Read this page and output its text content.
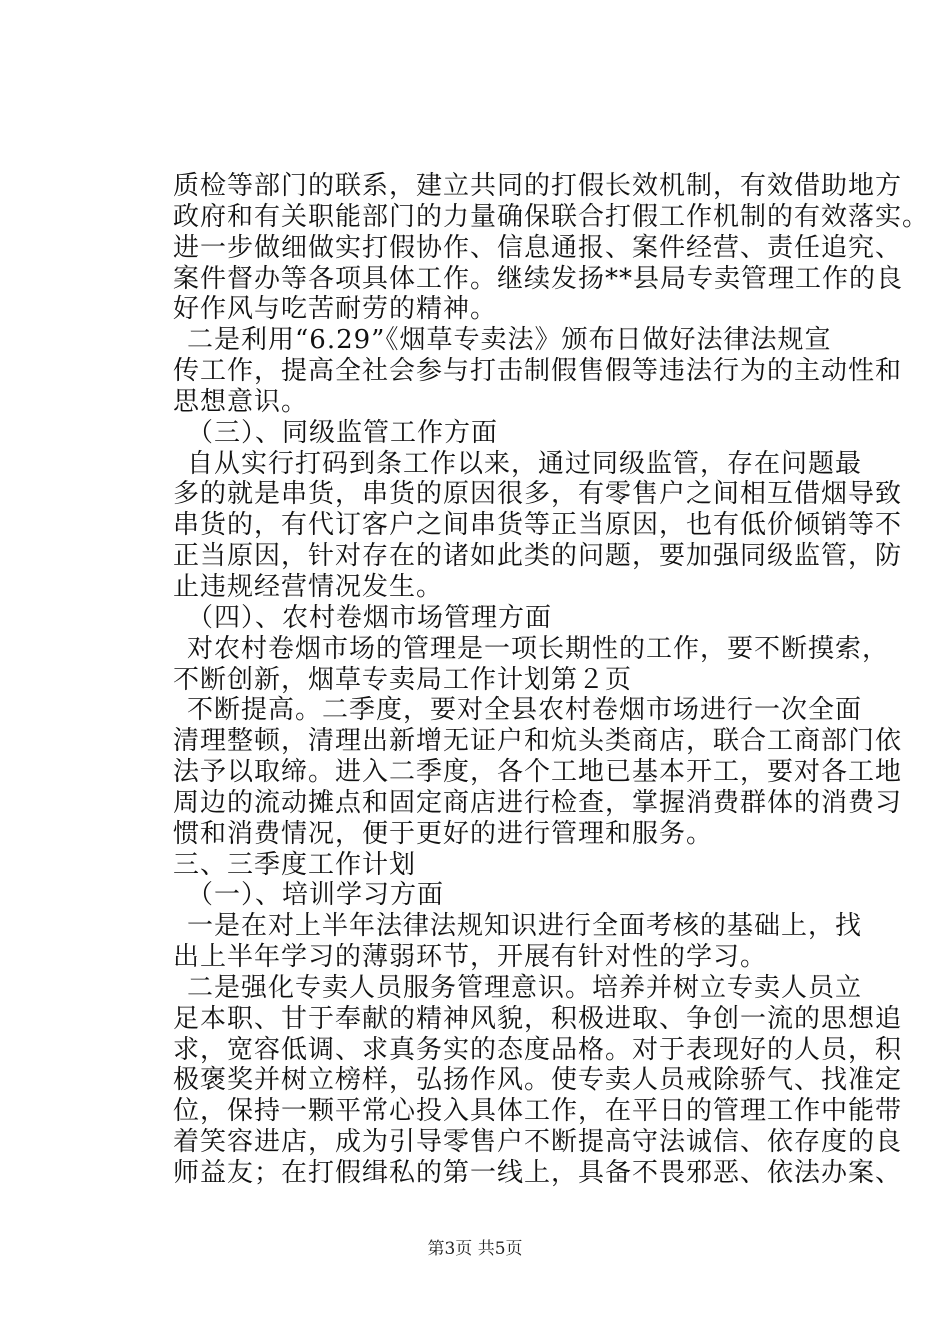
质检等部门的联系，建立共同的打假长效机制，有效借助地方
政府和有关职能部门的力量确保联合打假工作机制的有效落实。
进一步做细做实打假协作、信息通报、案件经营、责任追究、
案件督办等各项具体工作。继续发扬**县局专卖管理工作的良
好作风与吃苦耐劳的精神。
二是利用“6.29”《烟草专卖法》颁布日做好法律法规宣
传工作，提高全社会参与打击制假售假等违法行为的主动性和
思想意识。
（三）、同级监管工作方面
自从实行打码到条工作以来，通过同级监管，存在问题最
多的就是串货，串货的原因很多，有零售户之间相互借烟导致
串货的，有代订客户之间串货等正当原因，也有低价倾销等不
正当原因，针对存在的诸如此类的问题，要加强同级监管，防
止违规经营情况发生。
（四）、农村卷烟市场管理方面
对农村卷烟市场的管理是一项长期性的工作，要不断摸索，
不断创新，烟草专卖局工作计划第２页
不断提高。二季度，要对全县农村卷烟市场进行一次全面
清理整顿，清理出新增无证户和炕头类商店，联合工商部门依
法予以取缔。进入二季度，各个工地已基本开工，要对各工地
周边的流动摊点和固定商店进行检查，掌握消费群体的消费习
惯和消费情况，便于更好的进行管理和服务。
三、三季度工作计划
（一）、培训学习方面
一是在对上半年法律法规知识进行全面考核的基础上，找
出上半年学习的薄弱环节，开展有针对性的学习。
二是强化专卖人员服务管理意识。培养并树立专卖人员立
足本职、甘于奉献的精神风貌，积极进取、争创一流的思想追
求，宽容低调、求真务实的态度品格。对于表现好的人员，积
极褒奖并树立榜样，弘扬作风。使专卖人员戒除骄气、找准定
位，保持一颗平常心投入具体工作，在平日的管理工作中能带
着笑容进店，成为引导零售户不断提高守法诚信、依存度的良
师益友；在打假缉私的第一线上，具备不畏邪恶、依法办案、
第3页 共5页
